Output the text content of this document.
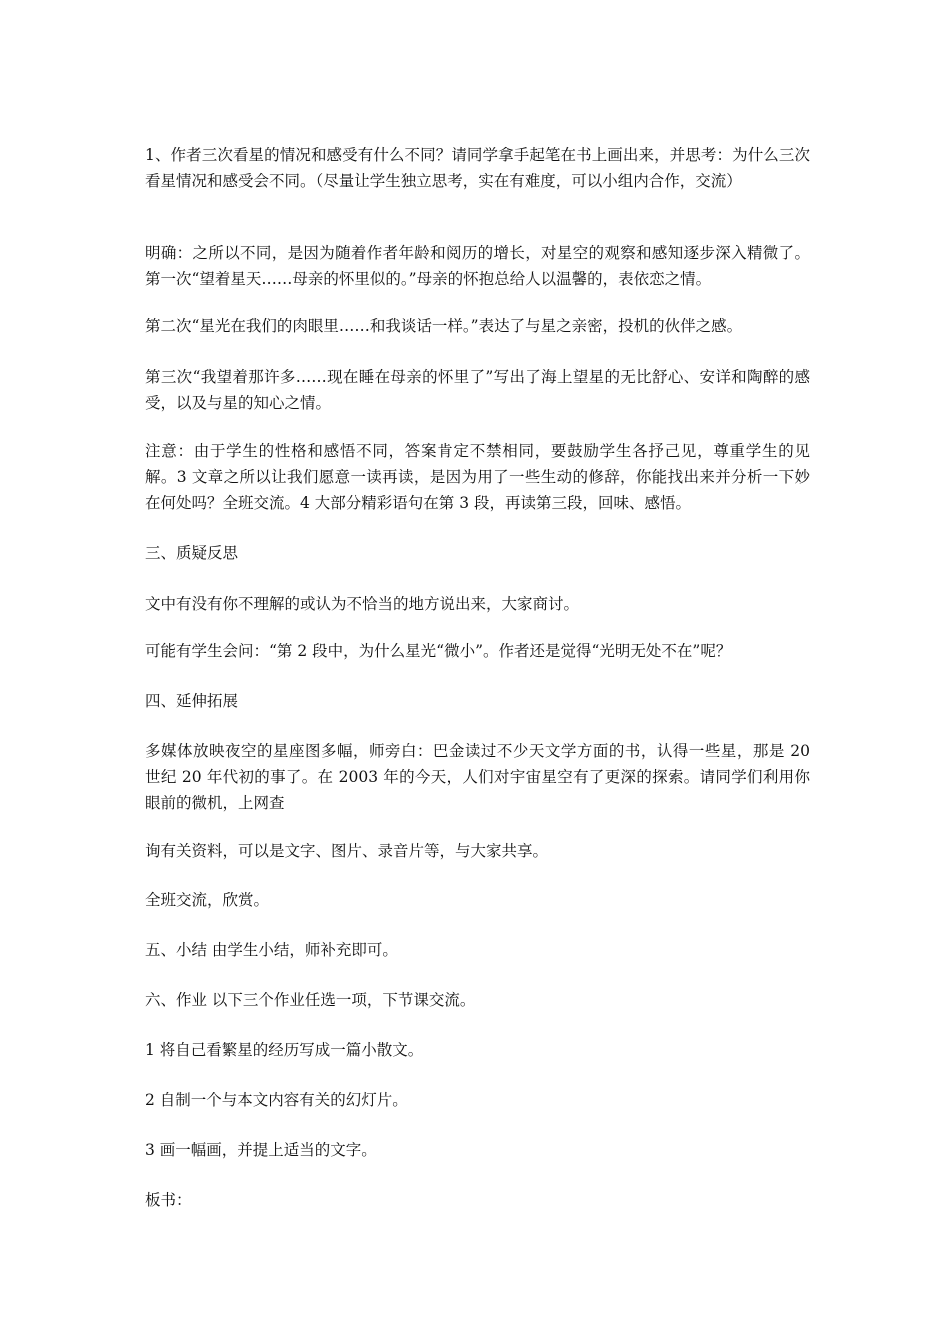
1、作者三次看星的情况和感受有什么不同？请同学拿手起笔在书上画出来，并思考：为什么三次看星情况和感受会不同。（尽量让学生独立思考，实在有难度，可以小组内合作，交流）

明确：之所以不同，是因为随着作者年龄和阅历的增长，对星空的观察和感知逐步深入精微了。第一次“望着星天……母亲的怀里似的。”母亲的怀抱总给人以温馨的，表依恋之情。

第二次“星光在我们的肉眼里……和我谈话一样。”表达了与星之亲密，投机的伙伴之感。

第三次“我望着那许多……现在睡在母亲的怀里了”写出了海上望星的无比舒心、安详和陶醉的感受，以及与星的知心之情。

注意：由于学生的性格和感悟不同，答案肯定不禁相同，要鼓励学生各抒己见，尊重学生的见解。3 文章之所以让我们愿意一读再读，是因为用了一些生动的修辞，你能找出来并分析一下妙在何处吗？全班交流。4 大部分精彩语句在第 3 段，再读第三段，回味、感悟。

三、质疑反思

文中有没有你不理解的或认为不恰当的地方说出来，大家商讨。

可能有学生会问：“第 2 段中，为什么星光“微小”。作者还是觉得“光明无处不在”呢？

四、延伸拓展

多媒体放映夜空的星座图多幅，师旁白：巴金读过不少天文学方面的书，认得一些星，那是 20 世纪 20 年代初的事了。在 2003 年的今天，人们对宇宙星空有了更深的探索。请同学们利用你眼前的微机，上网查

询有关资料，可以是文字、图片、录音片等，与大家共享。

全班交流，欣赏。

五、小结 由学生小结，师补充即可。

六、作业 以下三个作业任选一项，下节课交流。

1 将自己看繁星的经历写成一篇小散文。

2 自制一个与本文内容有关的幻灯片。

3 画一幅画，并提上适当的文字。

板书：
